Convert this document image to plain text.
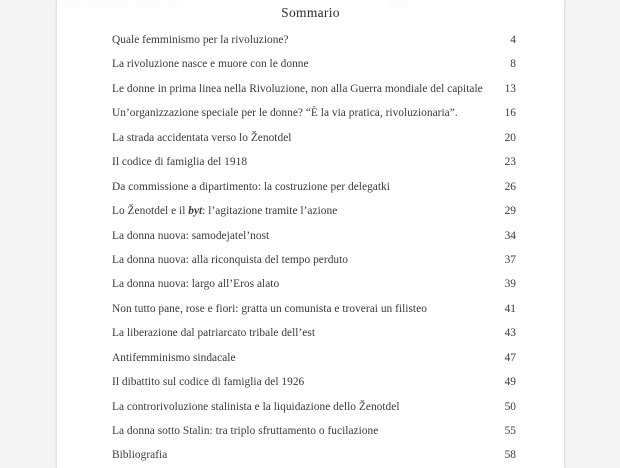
Sommario
Quale femminismo per la rivoluzione?	4
La rivoluzione nasce e muore con le donne	8
Le donne in prima linea nella Rivoluzione, non alla Guerra mondiale del capitale	13
Un’organizzazione speciale per le donne? “È la via pratica, rivoluzionaria”.	16
La strada accidentata verso lo Ženotdel	20
Il codice di famiglia del 1918	23
Da commissione a dipartimento: la costruzione per delegatki	26
Lo Ženotdel e il byt: l’agitazione tramite l’azione	29
La donna nuova: samodejatel’nost	34
La donna nuova: alla riconquista del tempo perduto	37
La donna nuova: largo all’Eros alato	39
Non tutto pane, rose e fiori: gratta un comunista e troverai un filisteo	41
La liberazione dal patriarcato tribale dell’est	43
Antifemminismo sindacale	47
Il dibattito sul codice di famiglia del 1926	49
La controrivoluzione stalinista e la liquidazione dello Ženotdel	50
La donna sotto Stalin: tra triplo sfruttamento o fucilazione	55
Bibliografia	58
